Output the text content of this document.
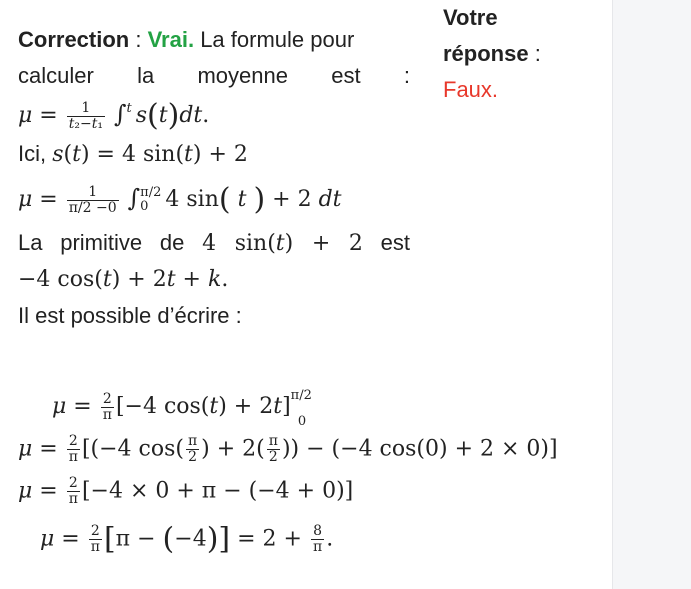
Votre
réponse :
Faux.
Correction : Vrai. La formule pour
calculer la moyenne est :
$\mu = \frac{1}{\text{t₂−t₁}}$ ∫ t
s(t)dt.
Ici, s(t) = 4 sin(t) + 2
$\mu = \frac{1}{\pi/2 -0}$ ∫ π/2
0 4 sin( t ) + 2 dt
La primitive de 4 sin(t) + 2 est
−4 cos(t) + 2t + k.
Il est possible d’écrire :
$\mu = \frac{2}{\pi} [-4$ cos(t) + 2t]$^{\pi/2}_0$
$\mu = \frac{2}{\pi} [(-4$ $\cos( \frac{\pi}{2}$ ) + $2( \frac{\pi}{2}$ )) − (−4 cos(0) + 2 × 0)]
$\mu = \frac{2}{\pi} [-4 \times 0 + \pi - (-4 + 0)]$
$\mu = \frac{2}{\pi} [\pi - (-4)] = 2 + \frac{8}{\pi}$ .
